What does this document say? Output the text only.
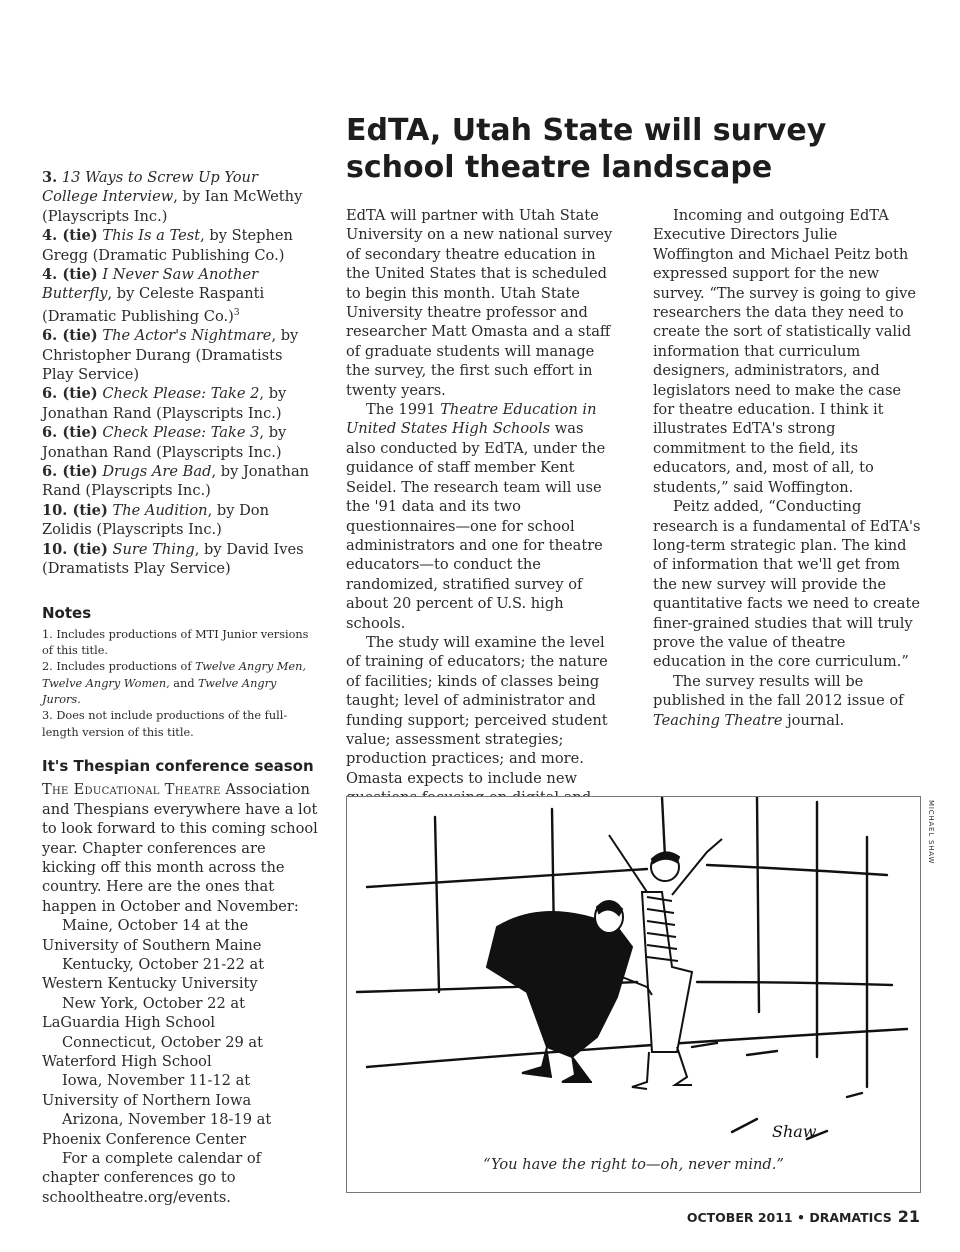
3. 13 Ways to Screw Up Your College Interview, by Ian McWethy (Playscripts Inc.)

4. (tie) This Is a Test, by Stephen Gregg (Dramatic Publishing Co.)

4. (tie) I Never Saw Another Butterfly, by Celeste Raspanti (Dramatic Publishing Co.)$^3$

6. (tie) The Actor's Nightmare, by Christopher Durang (Dramatists Play Service)

6. (tie) Check Please: Take 2, by Jonathan Rand (Playscripts Inc.)

6. (tie) Check Please: Take 3, by Jonathan Rand (Playscripts Inc.)

6. (tie) Drugs Are Bad, by Jonathan Rand (Playscripts Inc.)

10. (tie) The Audition, by Don Zolidis (Playscripts Inc.)

10. (tie) Sure Thing, by David Ives (Dramatists Play Service)

Notes

1. Includes productions of MTI Junior versions of this title.

2. Includes productions of Twelve Angry Men, Twelve Angry Women, and Twelve Angry Jurors.

3. Does not include productions of the full-length version of this title.

It's Thespian conference season

The Educational Theatre Association and Thespians everywhere have a lot to look forward to this coming school year. Chapter conferences are kicking off this month across the country. Here are the ones that happen in October and November:

Maine, October 14 at the University of Southern Maine

Kentucky, October 21-22 at Western Kentucky University

New York, October 22 at LaGuardia High School

Connecticut, October 29 at Waterford High School

Iowa, November 11-12 at University of Northern Iowa

Arizona, November 18-19 at Phoenix Conference Center

For a complete calendar of chapter conferences go to schooltheatre.org/events.

EdTA, Utah State will survey
school theatre landscape

EdTA will partner with Utah State University on a new national survey of secondary theatre education in the United States that is scheduled to begin this month. Utah State University theatre professor and researcher Matt Omasta and a staff of graduate students will manage the survey, the first such effort in twenty years.

The 1991 Theatre Education in United States High Schools was also conducted by EdTA, under the guidance of staff member Kent Seidel. The research team will use the '91 data and its two questionnaires—one for school administrators and one for theatre educators—to conduct the randomized, stratified survey of about 20 percent of U.S. high schools.

The study will examine the level of training of educators; the nature of facilities; kinds of classes being taught; level of administrator and funding support; perceived student value; assessment strategies; production practices; and more. Omasta expects to include new

Incoming and outgoing EdTA Executive Directors Julie Woffington and Michael Peitz both expressed support for the new survey. “The survey is going to give researchers the data they need to create the sort of statistically valid information that curriculum designers, administrators, and legislators need to make the case for theatre education. I think it illustrates EdTA's strong commitment to the field, its educators, and, most of all, to students,” said Woffington.

Peitz added, “Conducting research is a fundamental of EdTA's long-term strategic plan. The kind of information that we'll get from the new survey will provide the quantitative facts we need to create finer-grained studies that will truly prove the value of theatre education in the core curriculum.”

The survey results will be published in the fall 2012 issue of Teaching Theatre journal.

Shaw
“You have the right to—oh, never mind.”
MICHAEL SHAW
OCTOBER 2011 • DRAMATICS 21
